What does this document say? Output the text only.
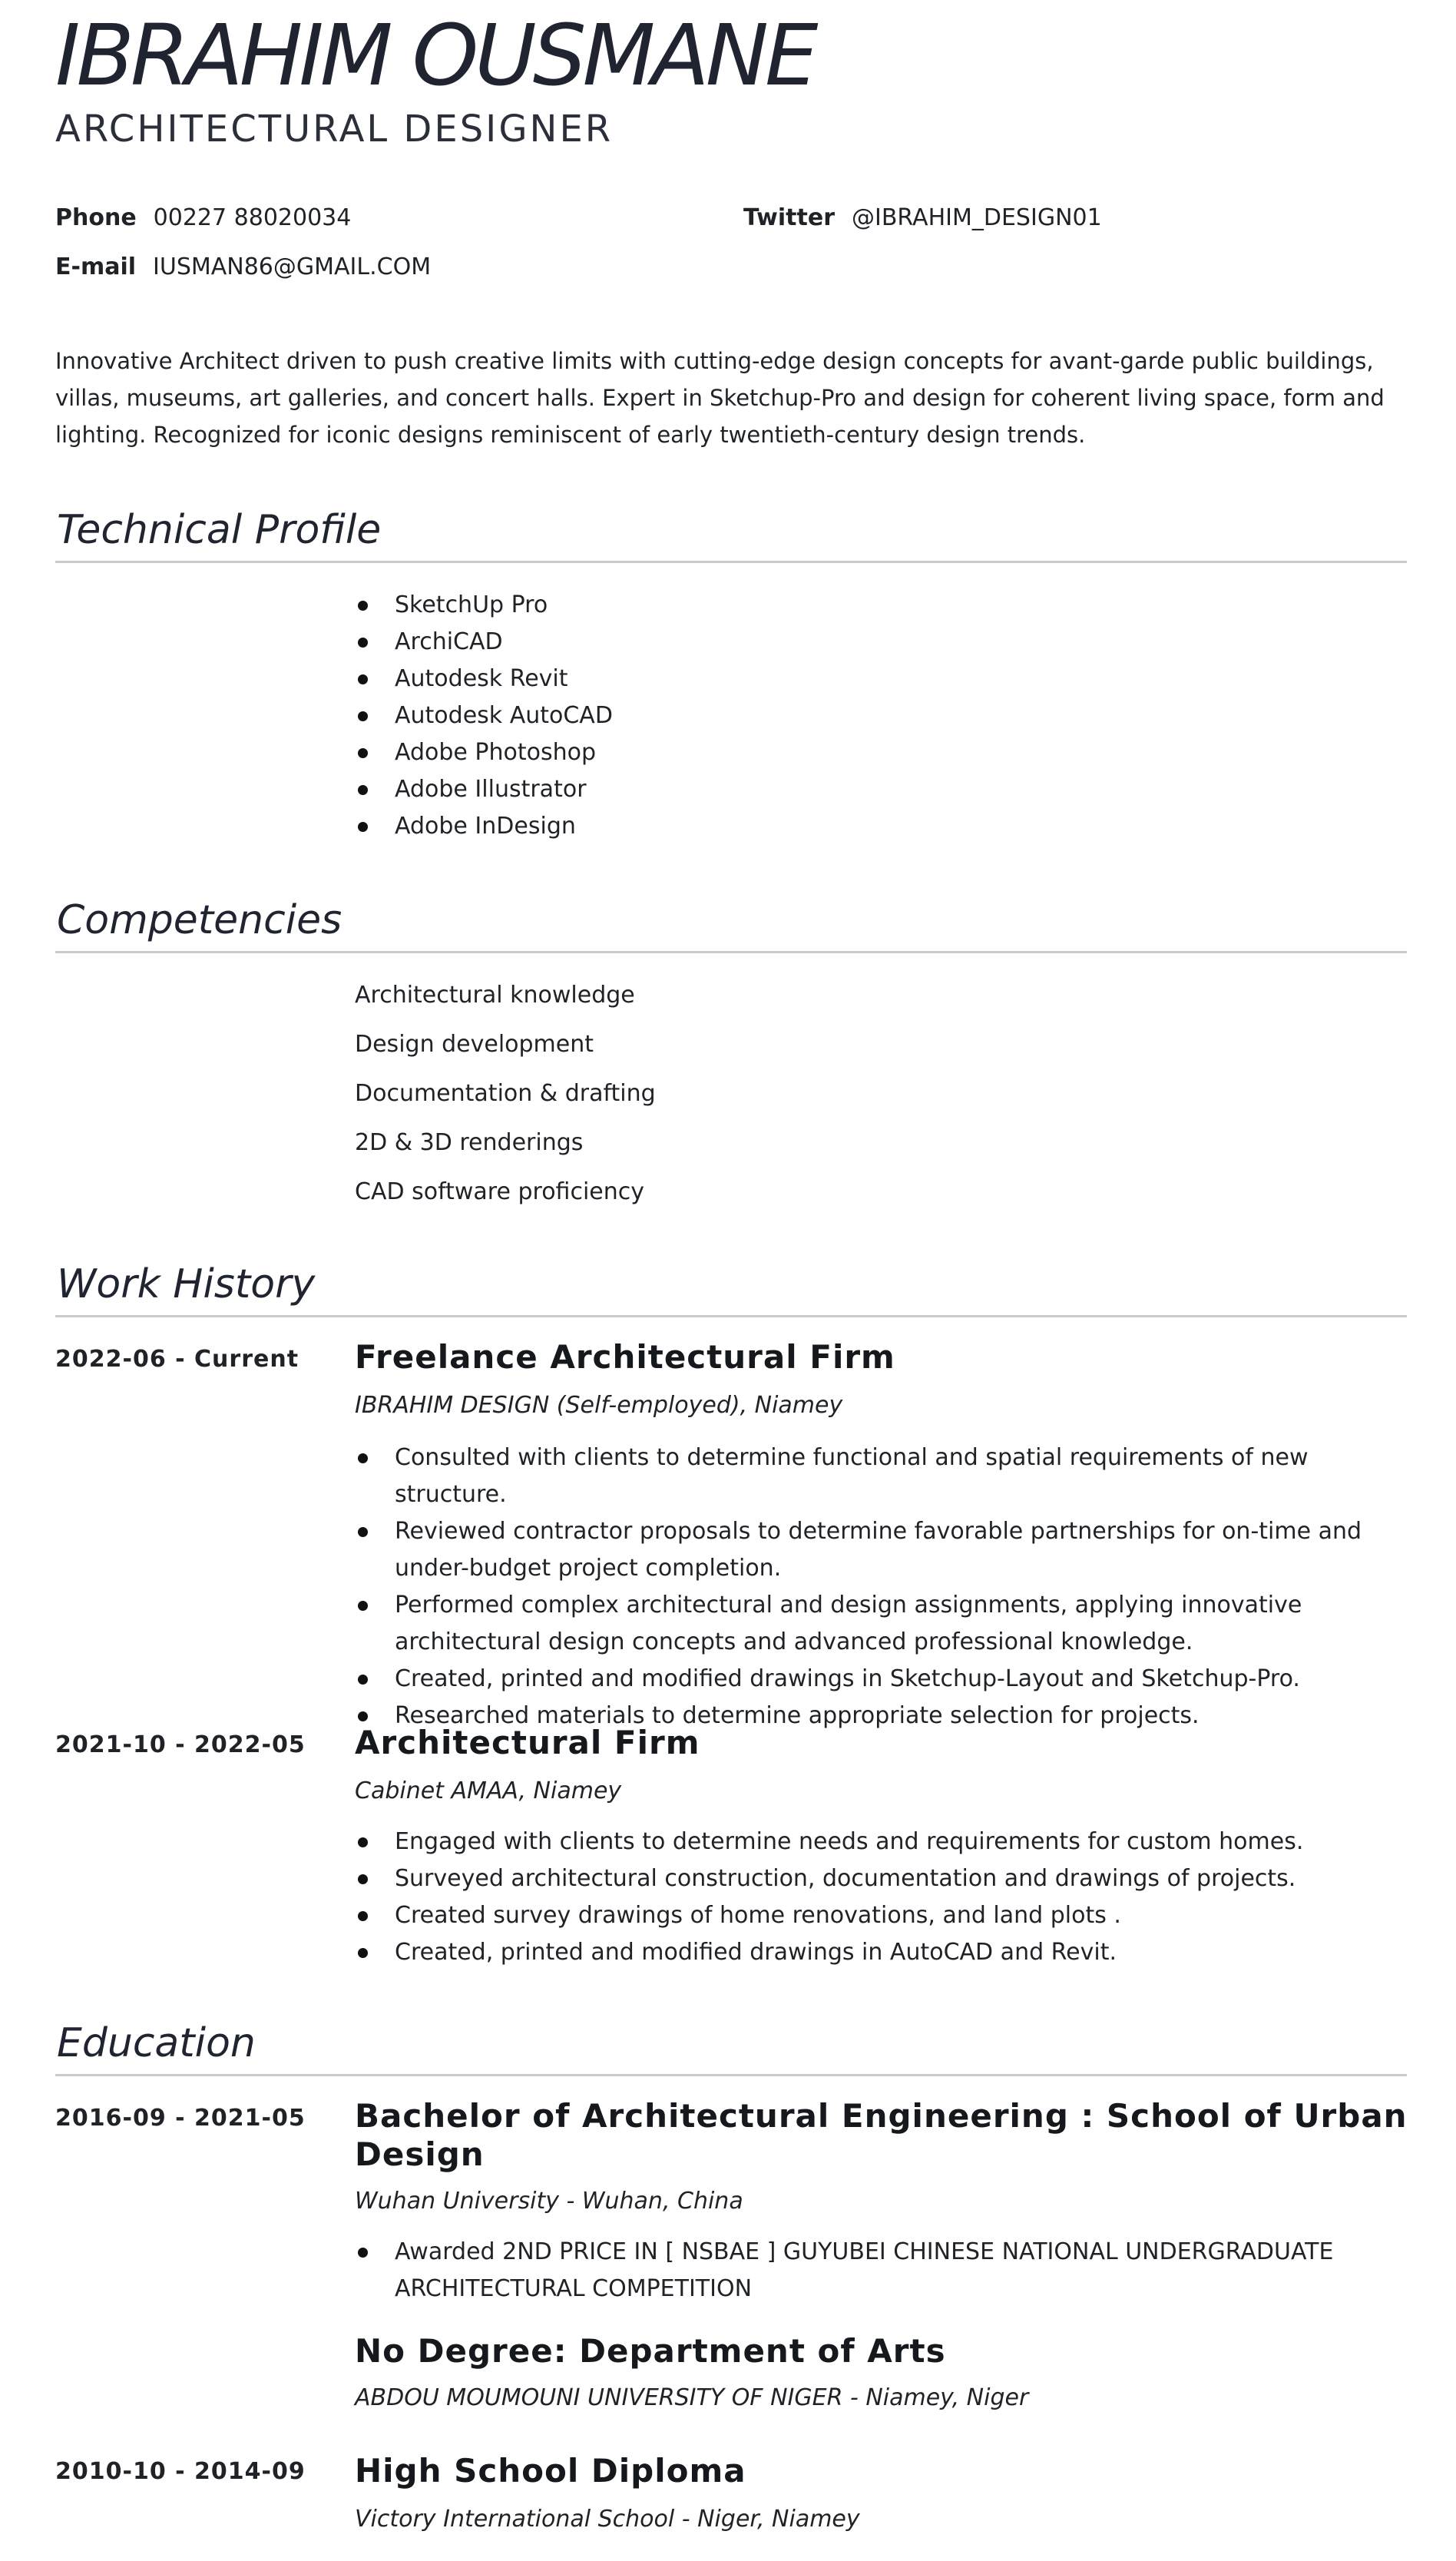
IBRAHIM OUSMANE
ARCHITECTURAL DESIGNER
Phone 00227 88020034
E-mail IUSMAN86@GMAIL.COM
Twitter @IBRAHIM_DESIGN01
Innovative Architect driven to push creative limits with cutting-edge design concepts for avant-garde public buildings, villas, museums, art galleries, and concert halls. Expert in Sketchup-Pro and design for coherent living space, form and lighting. Recognized for iconic designs reminiscent of early twentieth-century design trends.
Technical Profile
SketchUp Pro
ArchiCAD
Autodesk Revit
Autodesk AutoCAD
Adobe Photoshop
Adobe Illustrator
Adobe InDesign
Competencies
Architectural knowledge
Design development
Documentation & drafting
2D & 3D renderings
CAD software proficiency
Work History
2022-06 - Current Freelance Architectural Firm
IBRAHIM DESIGN (Self-employed), Niamey
Consulted with clients to determine functional and spatial requirements of new structure.
Reviewed contractor proposals to determine favorable partnerships for on-time and under-budget project completion.
Performed complex architectural and design assignments, applying innovative architectural design concepts and advanced professional knowledge.
Created, printed and modified drawings in Sketchup-Layout and Sketchup-Pro.
Researched materials to determine appropriate selection for projects.
2021-10 - 2022-05 Architectural Firm
Cabinet AMAA, Niamey
Engaged with clients to determine needs and requirements for custom homes.
Surveyed architectural construction, documentation and drawings of projects.
Created survey drawings of home renovations, and land plots .
Created, printed and modified drawings in AutoCAD and Revit.
Education
2016-09 - 2021-05 Bachelor of Architectural Engineering : School of Urban Design
Wuhan University - Wuhan, China
Awarded 2ND PRICE IN [ NSBAE ] GUYUBEI CHINESE NATIONAL UNDERGRADUATE ARCHITECTURAL COMPETITION
No Degree: Department of Arts
ABDOU MOUMOUNI UNIVERSITY OF NIGER - Niamey, Niger
2010-10 - 2014-09 High School Diploma
Victory International School - Niger, Niamey
